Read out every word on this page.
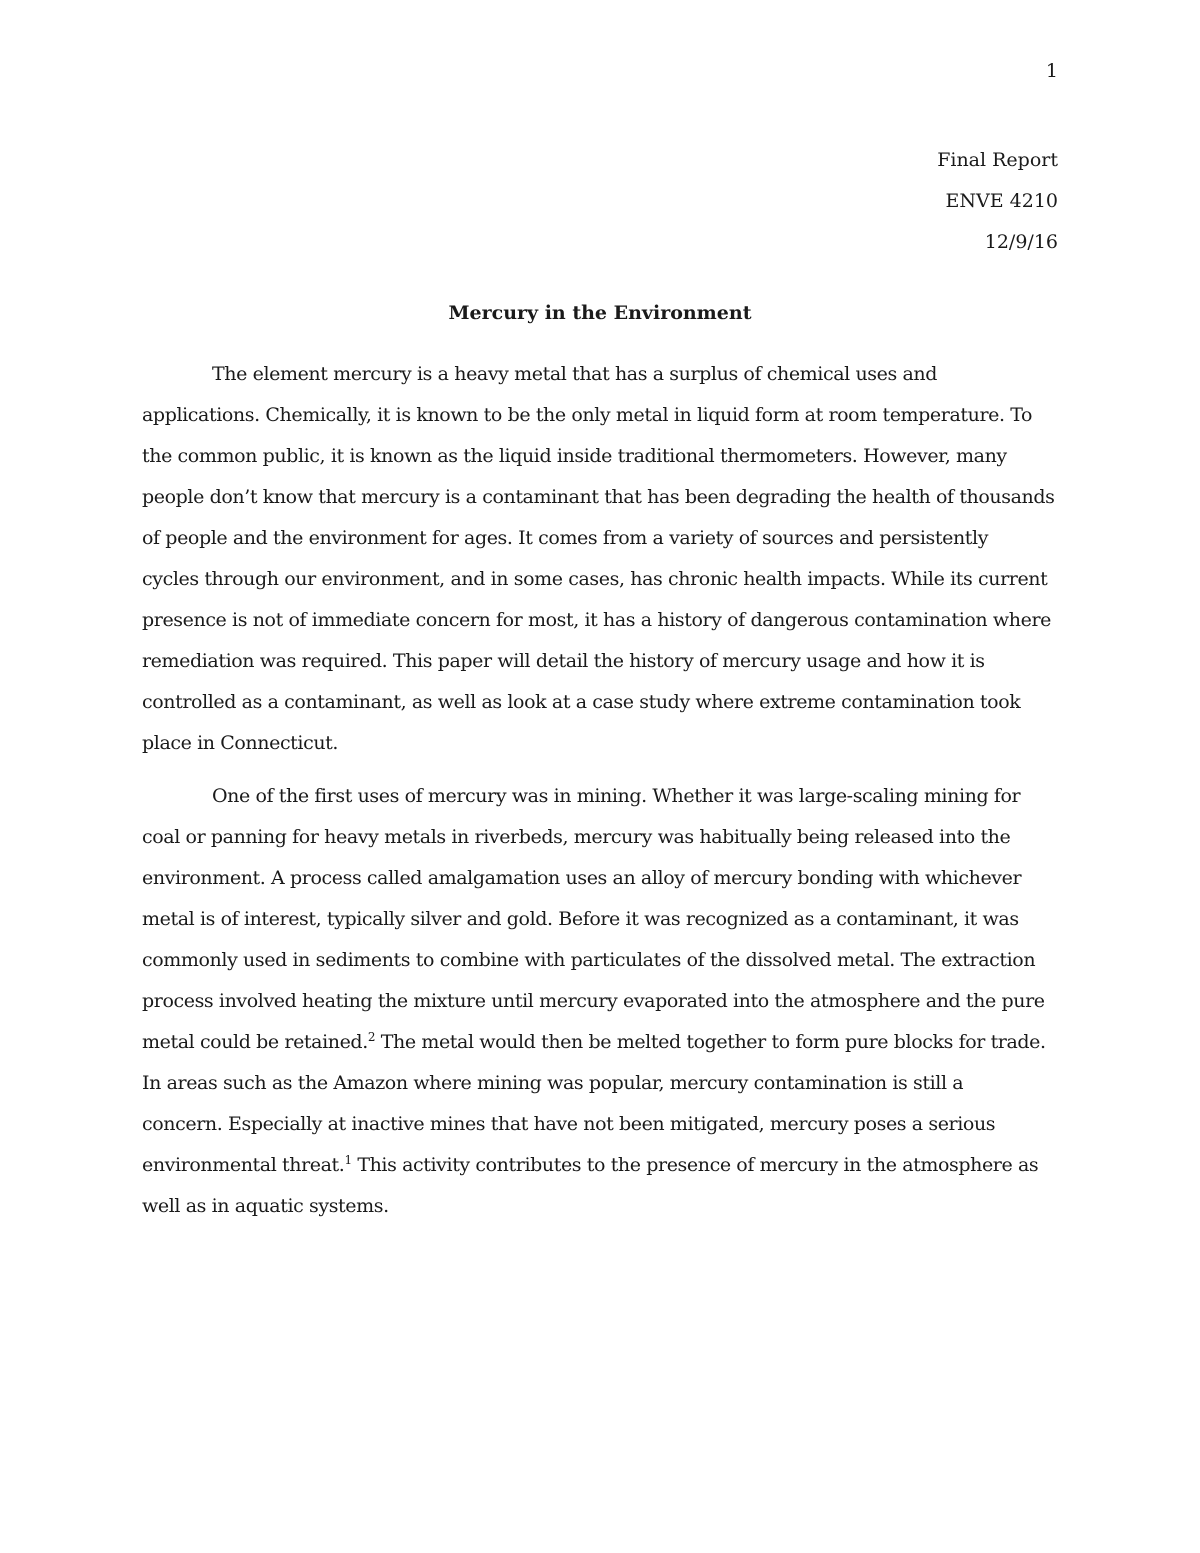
1
Final Report
ENVE 4210
12/9/16
Mercury in the Environment
The element mercury is a heavy metal that has a surplus of chemical uses and
applications. Chemically, it is known to be the only metal in liquid form at room temperature. To
the common public, it is known as the liquid inside traditional thermometers. However, many
people don’t know that mercury is a contaminant that has been degrading the health of thousands
of people and the environment for ages. It comes from a variety of sources and persistently
cycles through our environment, and in some cases, has chronic health impacts. While its current
presence is not of immediate concern for most, it has a history of dangerous contamination where
remediation was required. This paper will detail the history of mercury usage and how it is
controlled as a contaminant, as well as look at a case study where extreme contamination took
place in Connecticut.
One of the first uses of mercury was in mining. Whether it was large-scaling mining for
coal or panning for heavy metals in riverbeds, mercury was habitually being released into the
environment. A process called amalgamation uses an alloy of mercury bonding with whichever
metal is of interest, typically silver and gold. Before it was recognized as a contaminant, it was
commonly used in sediments to combine with particulates of the dissolved metal. The extraction
process involved heating the mixture until mercury evaporated into the atmosphere and the pure
metal could be retained.$^2$ The metal would then be melted together to form pure blocks for trade.
In areas such as the Amazon where mining was popular, mercury contamination is still a
concern. Especially at inactive mines that have not been mitigated, mercury poses a serious
environmental threat.$^1$ This activity contributes to the presence of mercury in the atmosphere as
well as in aquatic systems.
